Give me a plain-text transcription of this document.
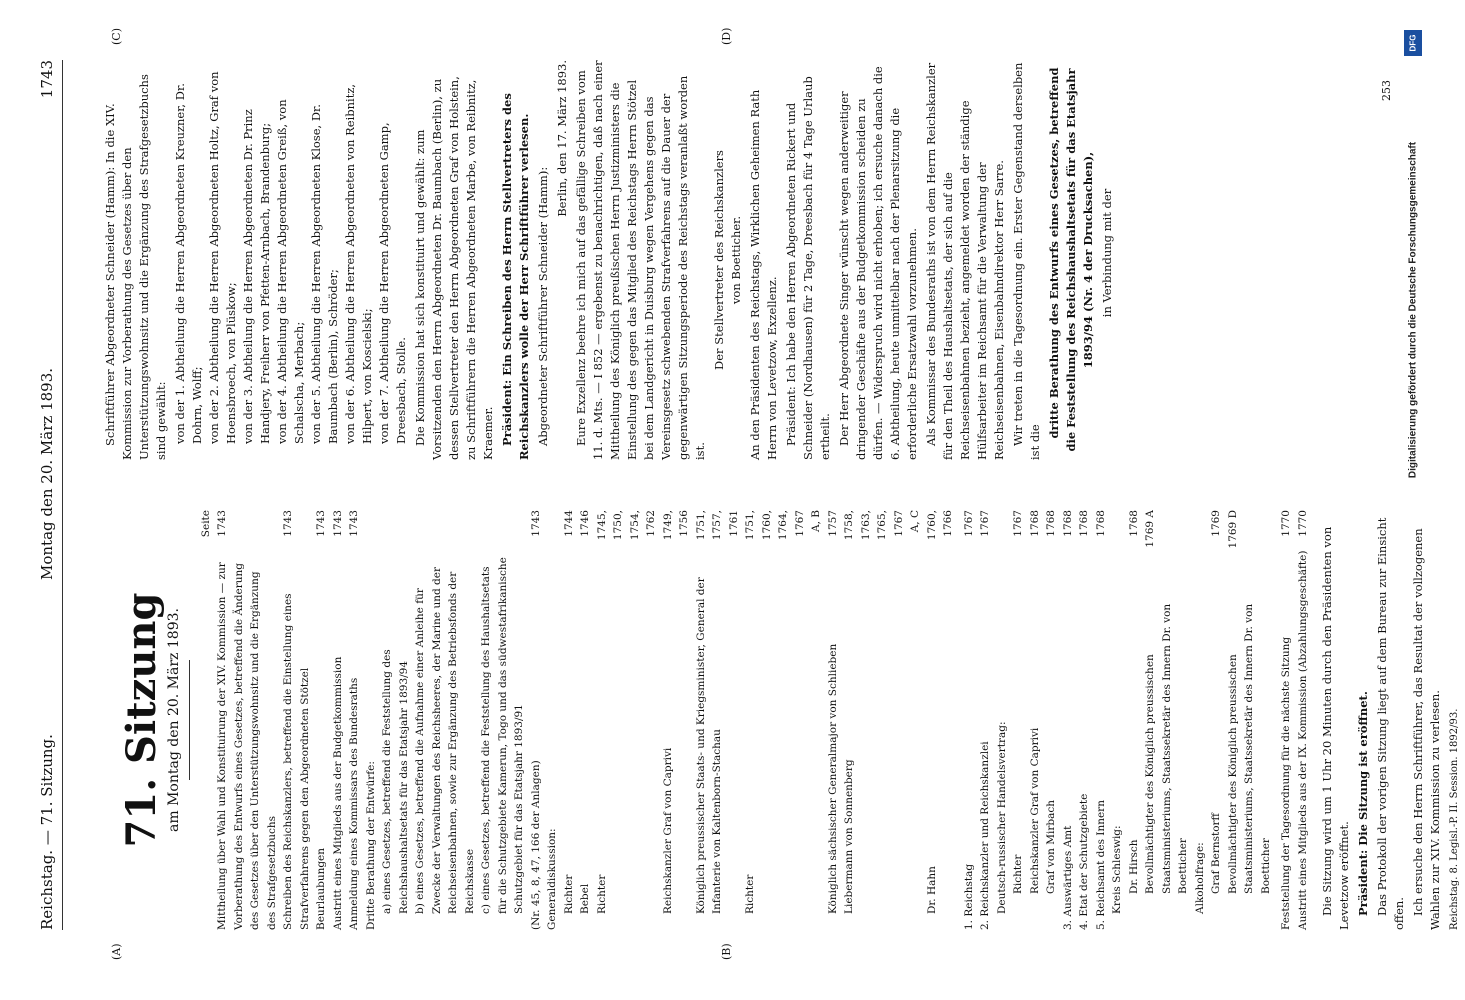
Reichstag. — 71. Sitzung.
Montag den 20. März 1893.
1743
(A)	(B)
(C)	(D)
71. Sitzung am Montag den 20. März 1893.
Seite
Mittheilung über Wahl und Konstituirung der XIV. Kommission — zur Vorberathung des Entwurfs eines Gesetzes, betreffend die Änderung des Gesetzes über den Unterstützungswohnsitz und die Ergänzung des Strafgesetzbuchs
1743
Schreiben des Reichskanzlers, betreffend die Einstellung eines Strafverfahrens gegen den Abgeordneten Stötzel
1743
Beurlaubungen
1743
Austritt eines Mitglieds aus der Budgetkommission
1743
Anmeldung eines Kommissars des Bundesraths
1743
Dritte Berathung der Entwürfe: a) eines Gesetzes, betreffend die Feststellung des Reichshaushaltsetats für das Etatsjahr 1893/94 b) eines Gesetzes, betreffend die Aufnahme einer Anleihe für Zwecke der Verwaltungen des Reichsheeres, der Marine und der Reichseisenbahnen, sowie zur Ergänzung des Betriebsfonds der Reichskasse c) eines Gesetzes, betreffend die Feststellung des Haushaltsetats für die Schutzgebiete Kamerun, Togo und das südwestafrikanische Schutzgebiet für das Etatsjahr 1893/91 (Nr. 45, 8, 47, 166 der Anlagen)
1743
Generaldiskussion: Richter
1744
Bebel
1746
Richter
1745, 1750, 1754, 1762
Reichskanzler Graf von Caprivi
1749, 1756
Königlich preussischer Staats- und Kriegsminister, General der Infanterie von Kaltenborn-Stachau
1751, 1757, 1761
Richter
1751, 1760, 1764, 1767 A, B
Königlich sächsischer Generalmajor von Schlieben
1757
Liebermann von Sonnenberg
1758, 1763, 1765, 1767 A, C
Dr. Hahn
1760, 1766
1. Reichstag
1767
2. Reichskanzler und Reichskanzlei
1767
Deutsch-russischer Handelsvertrag: Richter
1767
Reichskanzler Graf von Caprivi
1768
Graf von Mirbach
1768
3. Auswärtiges Amt
1768
4. Etat der Schutzgebiete
1768
5. Reichsamt des Innern
1768
Kreis Schleswig: Dr. Hirsch
1768
Bevollmächtigter des Königlich preussischen Staatsministeriums, Staatssekretär des Innern Dr. von Boetticher
1769 A
Alkoholfrage: Graf Bernstorff
1769
Bevollmächtigter des Königlich preussischen Staatsministeriums, Staatssekretär des Innern Dr. von Boetticher
1769 D
Feststellung der Tagesordnung für die nächste Sitzung
1770
Austritt eines Mitglieds aus der IX. Kommission (Abzahlungsgeschäfte)
1770

Die Sitzung wird um 1 Uhr 20 Minuten durch den Präsidenten von Levetzow eröffnet. Präsident: Die Sitzung ist eröffnet. Das Protokoll der vorigen Sitzung liegt auf dem Bureau zur Einsicht offen. Ich ersuche den Herrn Schriftführer, das Resultat der vollzogenen Wahlen zur XIV. Kommission zu verlesen. Reichstag. 8. Legisl.-P. II. Session. 1892/93.

Schriftführer Abgeordneter Schneider (Hamm): In die XIV. Kommission zur Vorberathung des Gesetzes über den Unterstützungswohnsitz und die Ergänzung des Strafgesetzbuchs sind gewählt: von der 1. Abtheilung die Herren Abgeordneten Kreuzner, Dr. Dohrn, Wolff; von der 2. Abtheilung die Herren Abgeordneten Holtz, Graf von Hoensbroech, von Plüskow; von der 3. Abtheilung die Herren Abgeordneten Dr. Prinz Handjery, Freiherr von Pfetten-Arnbach, Brandenburg; von der 4. Abtheilung die Herren Abgeordneten Greiß, von Schalscha, Merbach; von der 5. Abtheilung die Herren Abgeordneten Klose, Dr. Baumbach (Berlin), Schröder; von der 6. Abtheilung die Herren Abgeordneten von Reibnitz, Hilpert, von Koscielski; von der 7. Abtheilung die Herren Abgeordneten Gamp, Dreesbach, Stolle. Die Kommission hat sich konstituirt und gewählt: zum Vorsitzenden den Herrn Abgeordneten Dr. Baumbach (Berlin), zu dessen Stellvertreter den Herrn Abgeordneten Graf von Holstein, zu Schriftführern die Herren Abgeordneten Marbe, von Reibnitz, Kraemer. Präsident: Ein Schreiben des Herrn Stellvertreters des Reichskanzlers wolle der Herr Schriftführer verlesen. Abgeordneter Schriftführer Schneider (Hamm):

Berlin, den 17. März 1893. Eure Exzellenz beehre ich mich auf das gefällige Schreiben vom 11. d. Mts. — I 852 — ergebenst zu benachrichtigen, daß nach einer Mittheilung des Königlich preußischen Herrn Justizministers die Einstellung des gegen das Mitglied des Reichstags Herrn Stötzel bei dem Landgericht in Duisburg wegen Vergehens gegen das Vereinsgesetz schwebenden Strafverfahrens auf die Dauer der gegenwärtigen Sitzungsperiode des Reichstags veranlaßt worden ist.

Der Stellvertreter des Reichskanzlers von Boetticher. An den Präsidenten des Reichstags, Wirklichen Geheimen Rath Herrn von Levetzow, Exzellenz. Präsident: Ich habe den Herren Abgeordneten Rickert und Schneider (Nordhausen) für 2 Tage, Dreesbach für 4 Tage Urlaub ertheilt. Der Herr Abgeordnete Singer wünscht wegen anderweitiger dringender Geschäfte aus der Budgetkommission scheiden zu dürfen. — Widerspruch wird nicht erhoben; ich ersuche danach die 6. Abtheilung, heute unmittelbar nach der Plenarsitzung die erforderliche Ersatzwahl vorzunehmen. Als Kommissar des Bundesraths ist von dem Herrn Reichskanzler für den Theil des Haushaltsetats, der sich auf die Reichseisenbahnen bezieht, angemeldet worden der ständige Hülfsarbeiter im Reichsamt für die Verwaltung der Reichseisenbahnen, Eisenbahndirektor Herr Sarre. Wir treten in die Tagesordnung ein. Erster Gegenstand derselben ist die

dritte Berathung des Entwurfs eines Gesetzes, betreffend die Feststellung des Reichshaushaltsetats für das Etatsjahr 1893/94 (Nr. 4 der Drucksachen), in Verbindung mit der

253
DFG
Digitalisierung gefördert durch die Deutsche Forschungsgemeinschaft
